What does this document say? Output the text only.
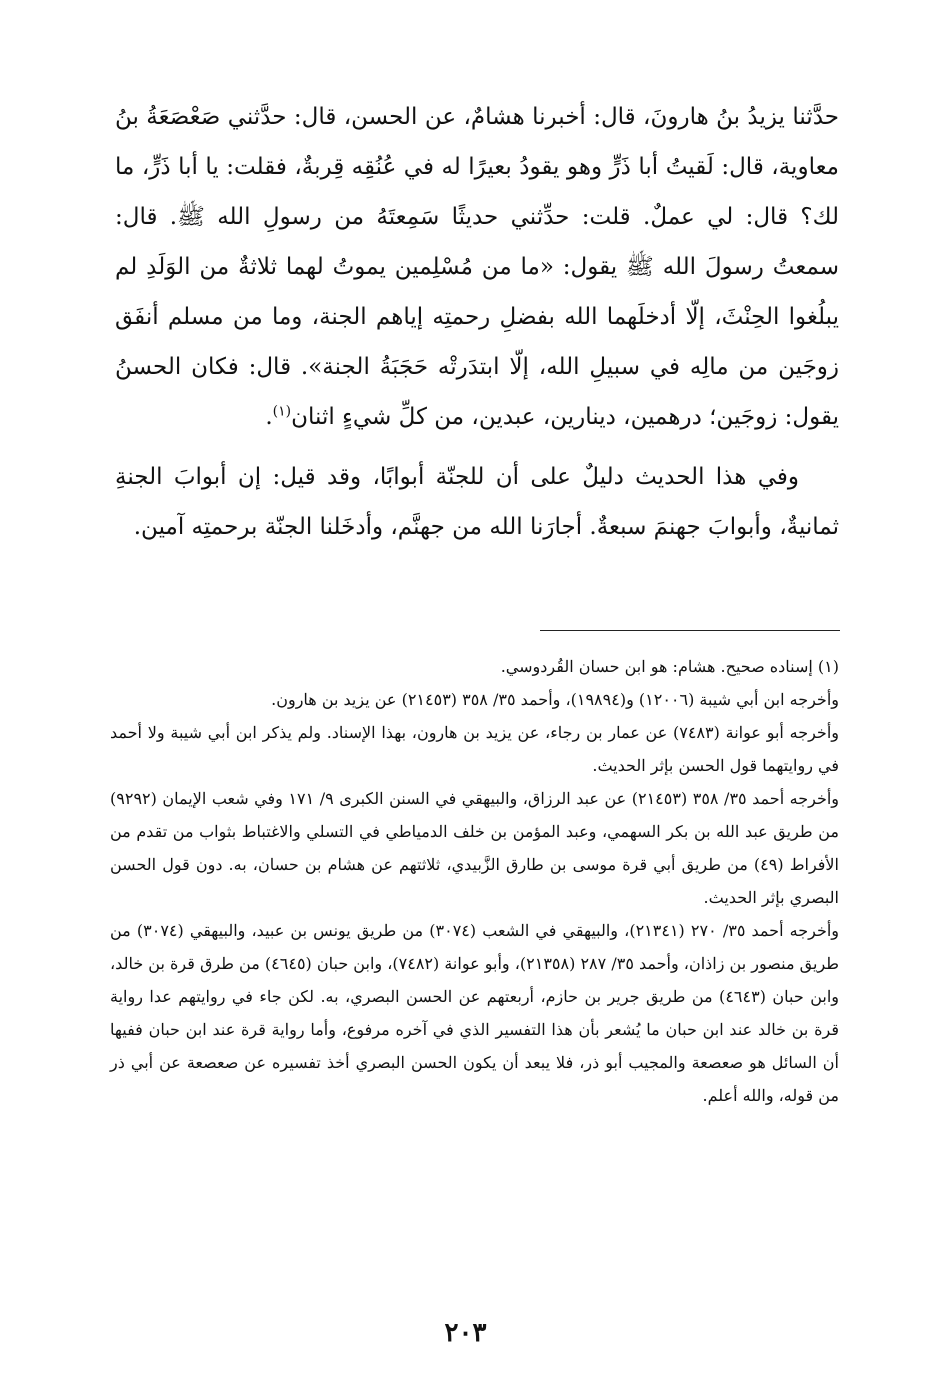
حدَّثنا يزيدُ بنُ هارونَ، قال: أخبرنا هشامٌ، عن الحسن، قال: حدَّثني صَعْصَعَةُ بنُ معاوية، قال: لَقيتُ أبا ذَرٍّ وهو يقودُ بعيرًا له في عُنُقِه قِربةٌ، فقلت: يا أبا ذَرٍّ، ما لك؟ قال: لي عملٌ. قلت: حدِّثني حديثًا سَمِعتَهُ من رسولِ الله ﷺ. قال: سمعتُ رسولَ الله ﷺ يقول: «ما من مُسْلِمين يموتُ لهما ثلاثةٌ من الوَلَدِ لم يبلُغوا الحِنْثَ، إلّا أدخلَهما الله بفضلِ رحمتِه إياهم الجنة، وما من مسلم أنفَق زوجَين من مالِه في سبيلِ الله، إلّا ابتدَرتْه حَجَبَةُ الجنة». قال: فكان الحسنُ يقول: زوجَين؛ درهمين، دينارين، عبدين، من كلِّ شيءٍ اثنان$^{(١)}$.

وفي هذا الحديث دليلٌ على أن للجنّة أبوابًا، وقد قيل: إن أبوابَ الجنةِ ثمانيةٌ، وأبوابَ جهنمَ سبعةٌ. أجارَنا الله من جهنَّم، وأدخَلنا الجنّة برحمتِه آمين.

(١) إسناده صحيح. هشام: هو ابن حسان القُردوسي.

وأخرجه ابن أبي شيبة (١٢٠٠٦) و(١٩٨٩٤)، وأحمد ٣٥/ ٣٥٨ (٢١٤٥٣) عن يزيد بن هارون.

وأخرجه أبو عوانة (٧٤٨٣) عن عمار بن رجاء، عن يزيد بن هارون، بهذا الإسناد. ولم يذكر ابن أبي شيبة ولا أحمد في روايتهما قول الحسن بإثر الحديث.

وأخرجه أحمد ٣٥/ ٣٥٨ (٢١٤٥٣) عن عبد الرزاق، والبيهقي في السنن الكبرى ٩/ ١٧١ وفي شعب الإيمان (٩٢٩٢) من طريق عبد الله بن بكر السهمي، وعبد المؤمن بن خلف الدمياطي في التسلي والاغتباط بثواب من تقدم من الأفراط (٤٩) من طريق أبي قرة موسى بن طارق الزَّبيدي، ثلاثتهم عن هشام بن حسان، به. دون قول الحسن البصري بإثر الحديث.

وأخرجه أحمد ٣٥/ ٢٧٠ (٢١٣٤١)، والبيهقي في الشعب (٣٠٧٤) من طريق يونس بن عبيد، والبيهقي (٣٠٧٤) من طريق منصور بن زاذان، وأحمد ٣٥/ ٢٨٧ (٢١٣٥٨)، وأبو عوانة (٧٤٨٢)، وابن حبان (٤٦٤٥) من طرق قرة بن خالد، وابن حبان (٤٦٤٣) من طريق جرير بن حازم، أربعتهم عن الحسن البصري، به. لكن جاء في روايتهم عدا رواية قرة بن خالد عند ابن حبان ما يُشعر بأن هذا التفسير الذي في آخره مرفوع، وأما رواية قرة عند ابن حبان ففيها أن السائل هو صعصعة والمجيب أبو ذر، فلا يبعد أن يكون الحسن البصري أخذ تفسيره عن صعصعة عن أبي ذر من قوله، والله أعلم.

٢٠٣
